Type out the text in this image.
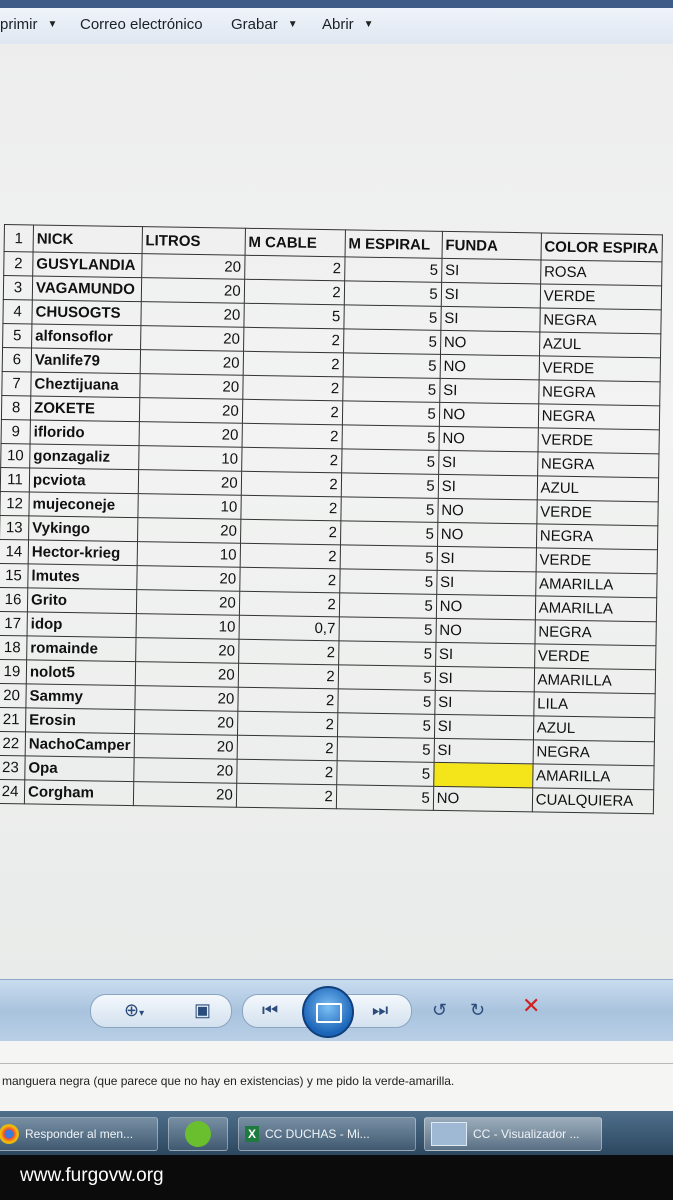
primir ▼ Correo electrónico Grabar ▼ Abrir ▼
1	NICK	LITROS	M CABLE	M ESPIRAL	FUNDA	COLOR ESPIRA
2	GUSYLANDIA	20	2	5	SI	ROSA
3	VAGAMUNDO	20	2	5	SI	VERDE
4	CHUSOGTS	20	5	5	SI	NEGRA
5	alfonsoflor	20	2	5	NO	AZUL
6	Vanlife79	20	2	5	NO	VERDE
7	Cheztijuana	20	2	5	SI	NEGRA
8	ZOKETE	20	2	5	NO	NEGRA
9	iflorido	20	2	5	NO	VERDE
10	gonzagaliz	10	2	5	SI	NEGRA
11	pcviota	20	2	5	SI	AZUL
12	mujeconeje	10	2	5	NO	VERDE
13	Vykingo	20	2	5	NO	NEGRA
14	Hector-krieg	10	2	5	SI	VERDE
15	lmutes	20	2	5	SI	AMARILLA
16	Grito	20	2	5	NO	AMARILLA
17	idop	10	0,7	5	NO	NEGRA
18	romainde	20	2	5	SI	VERDE
19	nolot5	20	2	5	SI	AMARILLA
20	Sammy	20	2	5	SI	LILA
21	Erosin	20	2	5	SI	AZUL
22	NachoCamper	20	2	5	SI	NEGRA
23	Opa	20	2	5		AMARILLA
24	Corgham	20	2	5	NO	CUALQUIERA
⊕▾	▣	⏮	⏭ ↺ ↻ ✕
manguera negra (que parece que no hay en existencias) y me pido la verde-amarilla.
Responder al men...	X CC DUCHAS - Mi...	CC - Visualizador ...
www.furgovw.org
